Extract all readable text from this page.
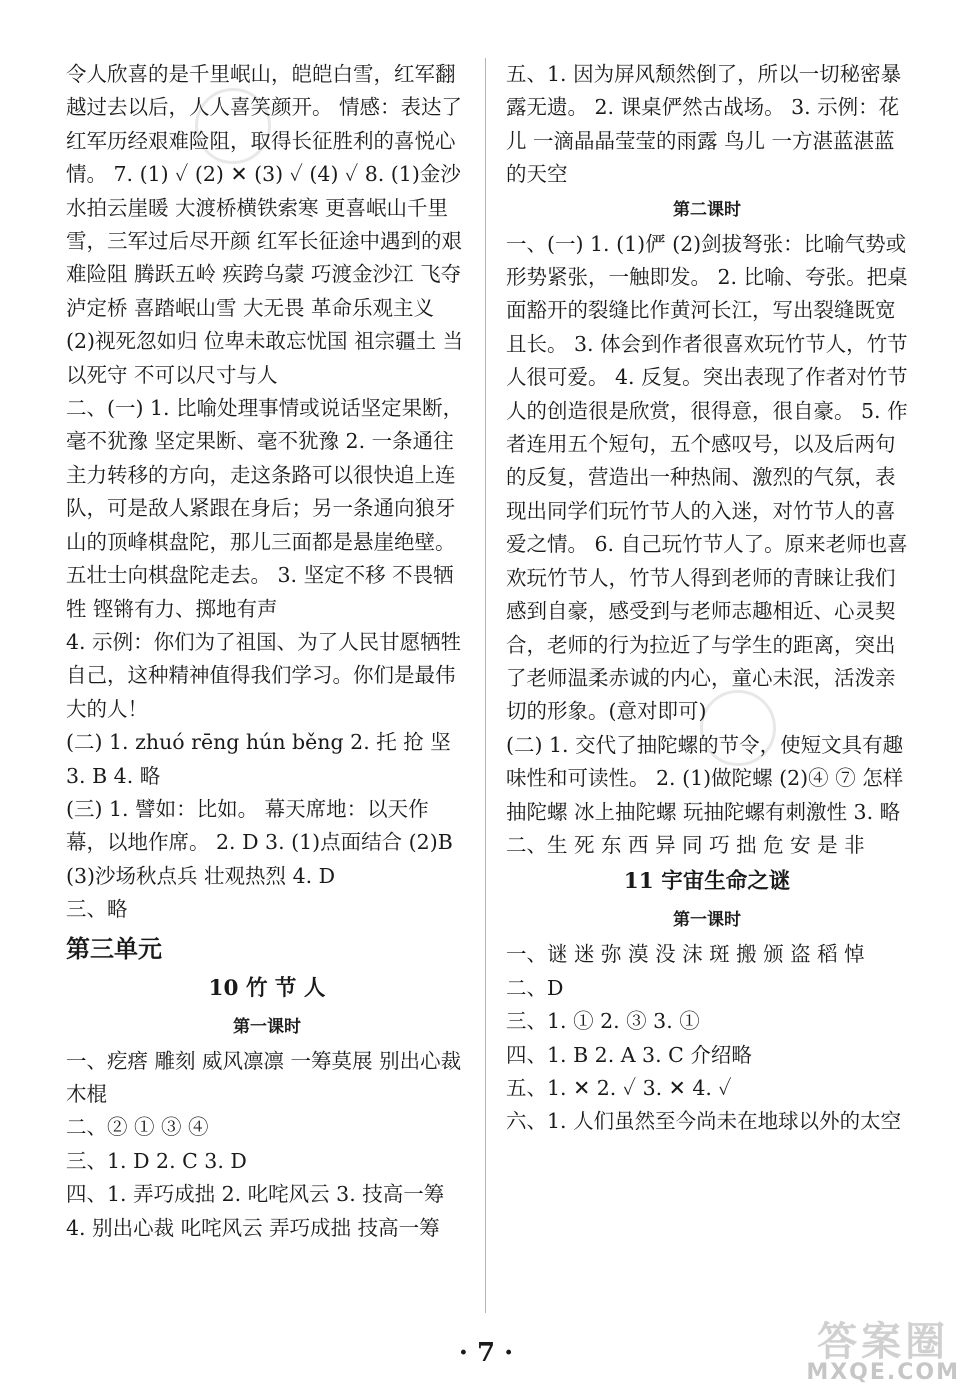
令人欣喜的是千里岷山，皑皑白雪，红军翻越过去以后，人人喜笑颜开。 情感：表达了红军历经艰难险阻，取得长征胜利的喜悦心情。 7. (1) ✓ (2) ✕ (3) ✓ (4) ✓ 8. (1)金沙水拍云崖暖 大渡桥横铁索寒 更喜岷山千里雪，三军过后尽开颜 红军长征途中遇到的艰难险阻 腾跃五岭 疾跨乌蒙 巧渡金沙江 飞夺泸定桥 喜踏岷山雪 大无畏 革命乐观主义 (2)视死忽如归 位卑未敢忘忧国 祖宗疆土 当以死守 不可以尺寸与人
二、(一) 1. 比喻处理事情或说话坚定果断，毫不犹豫 坚定果断、毫不犹豫 2. 一条通往主力转移的方向，走这条路可以很快追上连队，可是敌人紧跟在身后；另一条通向狼牙山的顶峰棋盘陀，那儿三面都是悬崖绝壁。 五壮士向棋盘陀走去。 3. 坚定不移 不畏牺牲 铿锵有力、掷地有声
4. 示例：你们为了祖国、为了人民甘愿牺牲自己，这种精神值得我们学习。你们是最伟大的人！
(二) 1. zhuó rēng hún běng 2. 托 抢 坚 3. B 4. 略
(三) 1. 譬如：比如。 幕天席地：以天作幕，以地作席。 2. D 3. (1)点面结合 (2)B (3)沙场秋点兵 壮观热烈 4. D
三、略
第三单元
10 竹 节 人
第一课时
一、疙瘩 雕刻 威风凛凛 一筹莫展 别出心裁 木棍
二、② ① ③ ④
三、1. D 2. C 3. D
四、1. 弄巧成拙 2. 叱咤风云 3. 技高一筹 4. 别出心裁 叱咤风云 弄巧成拙 技高一筹
五、1. 因为屏风颓然倒了，所以一切秘密暴露无遗。 2. 课桌俨然古战场。 3. 示例：花儿 一滴晶晶莹莹的雨露 鸟儿 一方湛蓝湛蓝的天空
第二课时
一、(一) 1. (1)俨 (2)剑拔弩张：比喻气势或形势紧张，一触即发。 2. 比喻、夸张。把桌面豁开的裂缝比作黄河长江，写出裂缝既宽且长。 3. 体会到作者很喜欢玩竹节人，竹节人很可爱。 4. 反复。突出表现了作者对竹节人的创造很是欣赏，很得意，很自豪。 5. 作者连用五个短句，五个感叹号，以及后两句的反复，营造出一种热闹、激烈的气氛，表现出同学们玩竹节人的入迷，对竹节人的喜爱之情。 6. 自己玩竹节人了。原来老师也喜欢玩竹节人，竹节人得到老师的青睐让我们感到自豪，感受到与老师志趣相近、心灵契合，老师的行为拉近了与学生的距离，突出了老师温柔赤诚的内心，童心未泯，活泼亲切的形象。(意对即可)
(二) 1. 交代了抽陀螺的节令，使短文具有趣味性和可读性。 2. (1)做陀螺 (2)④ ⑦ 怎样抽陀螺 冰上抽陀螺 玩抽陀螺有刺激性 3. 略
二、生 死 东 西 异 同 巧 拙 危 安 是 非
11 宇宙生命之谜
第一课时
一、谜 迷 弥 漠 没 沫 斑 搬 颁 盗 稻 悼
二、D
三、1. ① 2. ③ 3. ①
四、1. B 2. A 3. C 介绍略
五、1. ✕ 2. ✓ 3. ✕ 4. ✓
六、1. 人们虽然至今尚未在地球以外的太空
· 7 ·	答案圈
MXQE.COM
